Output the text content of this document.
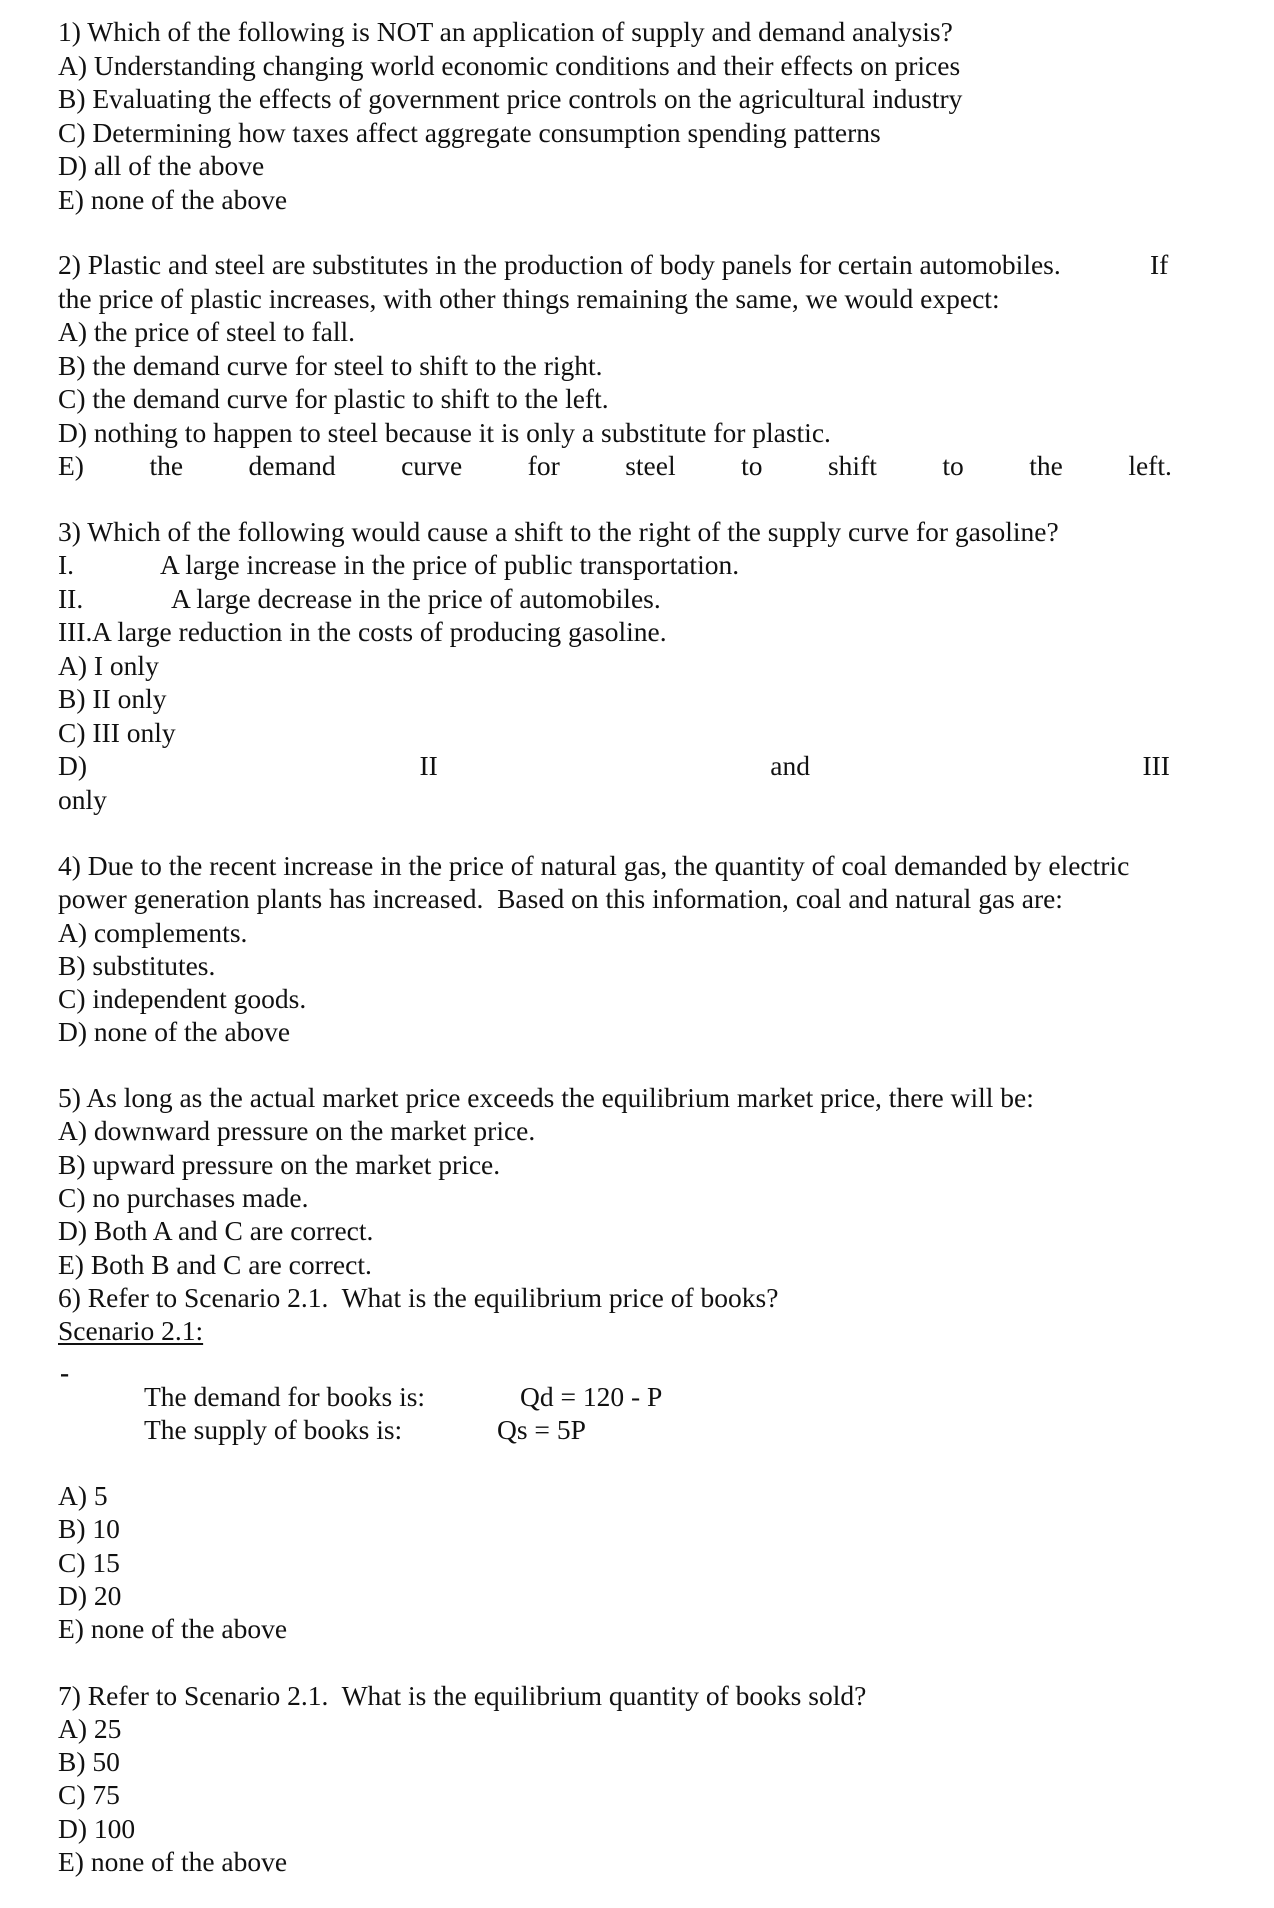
1) Which of the following is NOT an application of supply and demand analysis?
A) Understanding changing world economic conditions and their effects on prices
B) Evaluating the effects of government price controls on the agricultural industry
C) Determining how taxes affect aggregate consumption spending patterns
D) all of the above
E) none of the above
2) Plastic and steel are substitutes in the production of body panels for certain automobiles.	If
the price of plastic increases, with other things remaining the same, we would expect:
A) the price of steel to fall.
B) the demand curve for steel to shift to the right.
C) the demand curve for plastic to shift to the left.
D) nothing to happen to steel because it is only a substitute for plastic.
E) the demand curve for steel to shift to the left.
3) Which of the following would cause a shift to the right of the supply curve for gasoline?
I.	A large increase in the price of public transportation.
II.	A large decrease in the price of automobiles.
III. A large reduction in the costs of producing gasoline.
A) I only
B) II only
C) III only
D)	II	and	III
only
4) Due to the recent increase in the price of natural gas, the quantity of coal demanded by electric
power generation plants has increased.  Based on this information, coal and natural gas are:
A) complements.
B) substitutes.
C) independent goods.
D) none of the above
5) As long as the actual market price exceeds the equilibrium market price, there will be:
A) downward pressure on the market price.
B) upward pressure on the market price.
C) no purchases made.
D) Both A and C are correct.
E) Both B and C are correct.
6) Refer to Scenario 2.1.  What is the equilibrium price of books?
Scenario 2.1:
-
The demand for books is:	Qd = 120 - P
The supply of books is:	Qs = 5P
A) 5
B) 10
C) 15
D) 20
E) none of the above
7) Refer to Scenario 2.1.  What is the equilibrium quantity of books sold?
A) 25
B) 50
C) 75
D) 100
E) none of the above
